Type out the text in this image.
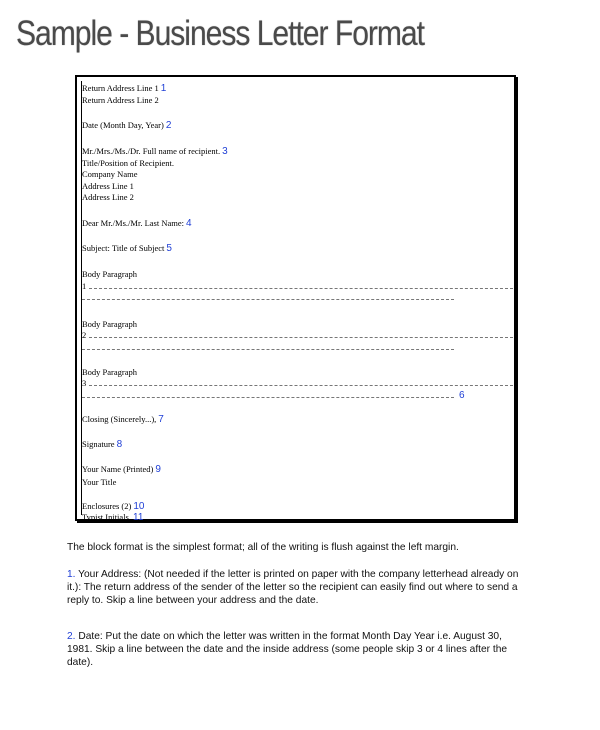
Sample - Business Letter Format
Return Address Line 1 1
Return Address Line 2
Date (Month Day, Year) 2
Mr./Mrs./Ms./Dr. Full name of recipient. 3
Title/Position of Recipient.
Company Name
Address Line 1
Address Line 2
Dear Mr./Ms./Mr. Last Name: 4
Subject: Title of Subject 5
Body Paragraph
1
Body Paragraph
2
Body Paragraph
3
6
Closing (Sincerely...), 7
Signature 8
Your Name (Printed) 9
Your Title
Enclosures (2) 10
Typist Initials. 11
The block format is the simplest format; all of the writing is flush against the left margin.
1. Your Address: (Not needed if the letter is printed on paper with the company letterhead already on it.): The return address of the sender of the letter so the recipient can easily find out where to send a reply to. Skip a line between your address and the date.
2. Date: Put the date on which the letter was written in the format Month Day Year i.e. August 30, 1981. Skip a line between the date and the inside address (some people skip 3 or 4 lines after the date).
